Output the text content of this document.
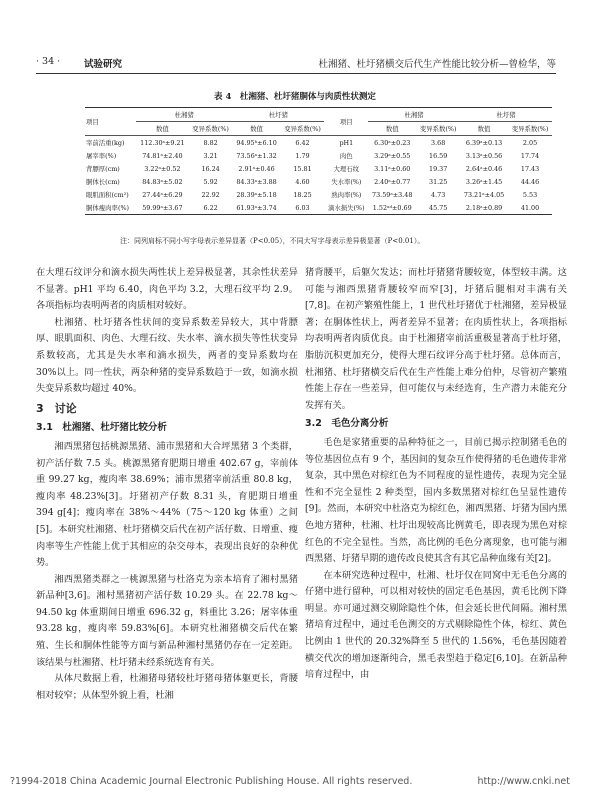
· 34 ·	试验研究	杜湘猪、杜圩猪横交后代生产性能比较分析—曾检华，等
表 4　杜湘猪、杜圩猪胴体与肉质性状测定
项目	杜湘猪		杜圩猪		项目	杜湘猪		杜圩猪	
	数值	变异系数(%)	数值	变异系数(%)		数值	变异系数(%)	数值	变异系数(%)
宰前活重(kg)	112.30ᵃ±9.21	8.82	94.95ᵇ±6.10	6.42	pH1	6.30ᵃ±0.23	3.68	6.39ᵃ±0.13	2.05
屠宰率(%)	74.81ᵃ±2.40	3.21	73.56ᵃ±1.32	1.79	肉色	3.29ᵃ±0.55	16.59	3.13ᵃ±0.56	17.74
背膘厚(cm)	3.22ᵃ±0.52	16.24	2.91ᵃ±0.46	15.81	大理石纹	3.11ᵃ±0.60	19.37	2.64ᵃ±0.46	17.43
胴体长(cm)	84.83ᵃ±5.02	5.92	84.33ᵃ±3.88	4.60	失水率(%)	2.40ᵃ±0.77	31.25	3.26ᵃ±1.45	44.46
眼肌面积(cm²)	27.44ᵃ±6.29	22.92	28.39ᵃ±5.18	18.25	熟肉率(%)	73.59ᵃ±3.48	4.73	73.21ᵃ±4.05	5.53
胴体瘦肉率(%)	59.99ᵃ±3.67	6.22	61.93ᵃ±3.74	6.03	滴水损失(%)	1.52ᵃᵈ±0.69	45.75	2.18ᵃ±0.89	41.00
注：同列肩标不同小写字母表示差异显著（P<0.05），不同大写字母表示差异极显著（P<0.01）。

在大理石纹评分和滴水损失两性状上差异极显著，其余性状差异不显著。pH1 平均 6.40，肉色平均 3.2，大理石纹平均 2.9。各项指标均表明两者的肉质相对较好。

杜湘猪、杜圩猪各性状间的变异系数差异较大，其中背膘厚、眼肌面积、肉色、大理石纹、失水率、滴水损失等性状变异系数较高，尤其是失水率和滴水损失，两者的变异系数均在 30%以上。同一性状，两杂种猪的变异系数趋于一致，如滴水损失变异系数均超过 40%。

3　讨论
3.1　杜湘猪、杜圩猪比较分析

湘西黑猪包括桃源黑猪、浦市黑猪和大合坪黑猪 3 个类群，初产活仔数 7.5 头。桃源黑猪育肥期日增重 402.67 g，宰前体重 99.27 kg，瘦肉率 38.69%；浦市黑猪宰前活重 80.8 kg，瘦肉率 48.23%[3]。圩猪初产仔数 8.31 头，育肥期日增重 394 g[4]；瘦肉率在 38%～44%（75～120 kg 体重）之间[5]。本研究杜湘猪、杜圩猪横交后代在初产活仔数、日增重、瘦肉率等生产性能上优于其相应的杂交母本，表现出良好的杂种优势。

湘西黑猪类群之一桃源黑猪与杜洛克为亲本培育了湘村黑猪新品种[3,6]。湘村黑猪初产活仔数 10.29 头。在 22.78 kg～94.50 kg 体重期间日增重 696.32 g，料重比 3.26；屠宰体重 93.28 kg，瘦肉率 59.83%[6]。本研究杜湘猪横交后代在繁殖、生长和胴体性能等方面与新品种湘村黑猪仍存在一定差距。该结果与杜湘猪、杜圩猪未经系统选育有关。

从体尺数据上看，杜湘猪母猪较杜圩猪母猪体躯更长，背腰相对较窄；从体型外貌上看，杜湘

猪背腰平，后躯欠发达；而杜圩猪猪背腰较宽，体型较丰满。这可能与湘西黑猪背腰较窄而窄[3]，圩猪后腿相对丰满有关[7,8]。在初产繁殖性能上，1 世代杜圩猪优于杜湘猪，差异极显著；在胴体性状上，两者差异不显著；在肉质性状上，各项指标均表明两者肉质优良。由于杜湘猪宰前活重极显著高于杜圩猪，脂肪沉积更加充分，使得大理石纹评分高于杜圩猪。总体而言，杜湘猪、杜圩猪横交后代在生产性能上难分伯仲，尽管初产繁殖性能上存在一些差异，但可能仅与未经选育，生产潜力未能充分发挥有关。

3.2　毛色分离分析

毛色是家猪重要的品种特征之一，目前已揭示控制猪毛色的等位基因位点有 9 个，基因间的复杂互作使得猪的毛色遗传非常复杂，其中黑色对棕红色为不同程度的显性遗传，表现为完全显性和不完全显性 2 种类型，国内多数黑猪对棕红色呈显性遗传[9]。然而，本研究中杜洛克为棕红色，湘西黑猪、圩猪为国内黑色地方猪种，杜湘、杜圩出现较高比例黄毛，即表现为黑色对棕红色的不完全显性。当然，高比例的毛色分离现象，也可能与湘西黑猪、圩猪早期的遗传改良使其含有其它品种血缘有关[2]。

在本研究选种过程中，杜湘、杜圩仅在同窝中无毛色分离的仔猪中进行留种，可以相对较快的固定毛色基因，黄毛比例下降明显。亦可通过测交剔除隐性个体，但会延长世代间隔。湘村黑猪培育过程中，通过毛色测交的方式剔除隐性个体，棕红、黄色比例由 1 世代的 20.32%降至 5 世代的 1.56%，毛色基因随着横交代次的增加逐渐纯合，黑毛表型趋于稳定[6,10]。在新品种培育过程中，由

?1994-2018 China Academic Journal Electronic Publishing House. All rights reserved.	http://www.cnki.net
